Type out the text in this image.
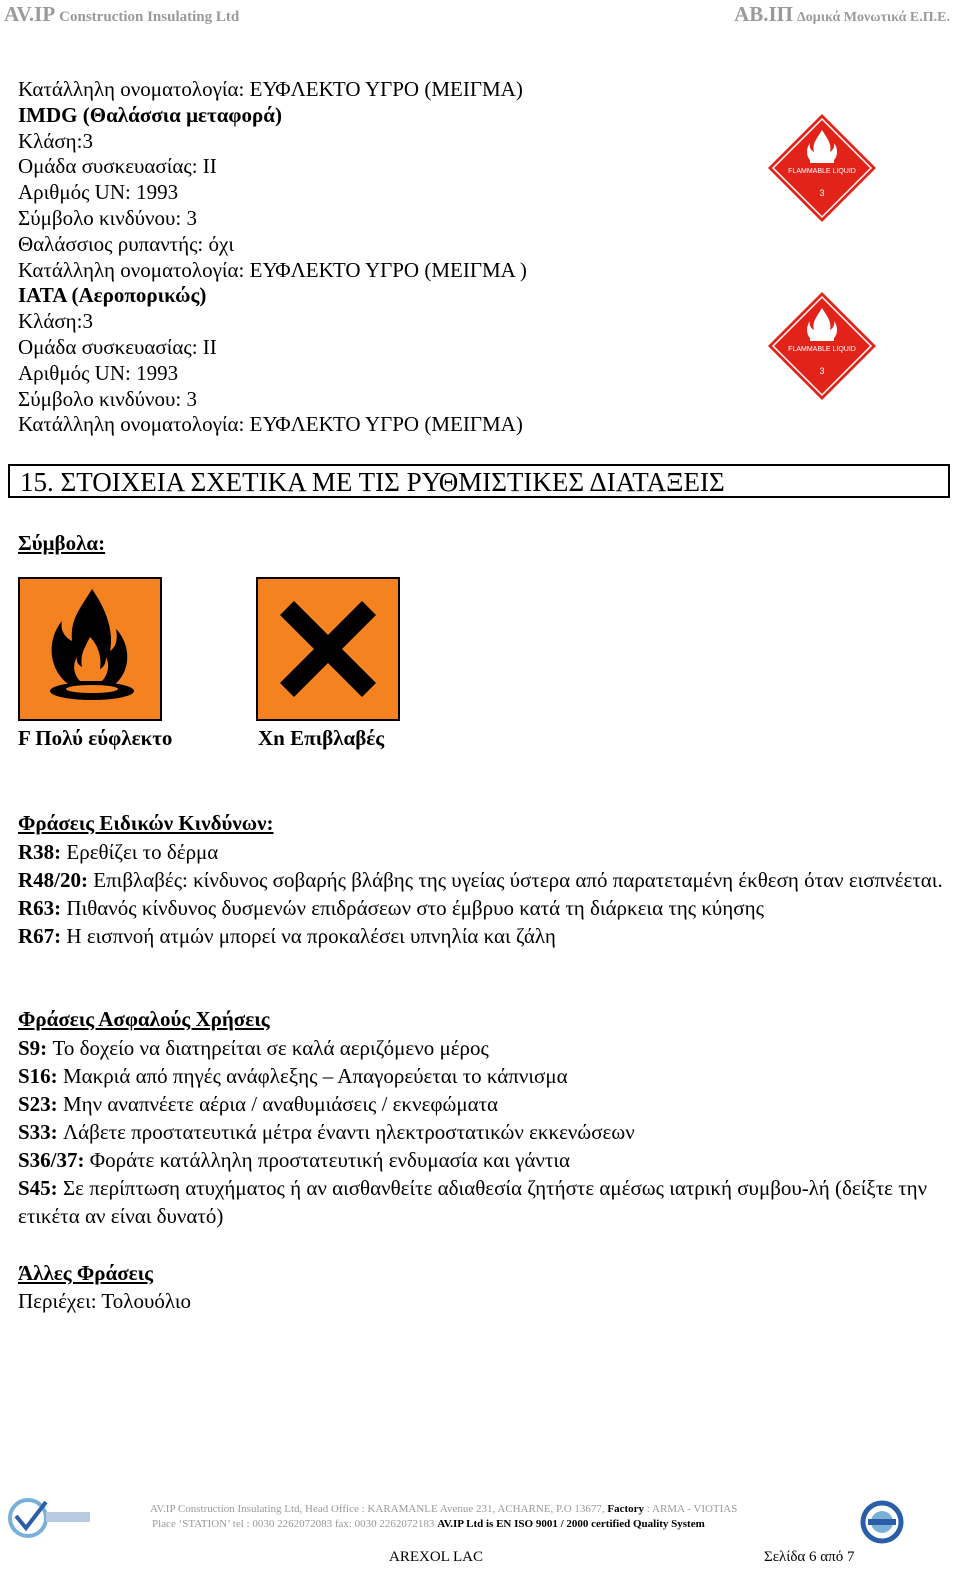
AV.IP Construction Insulating Ltd	ΑΒ.ΙΠ Δομικά Μονωτικά Ε.Π.Ε.
Κατάλληλη ονοματολογία: ΕΥΦΛΕΚΤΟ ΥΓΡΟ (ΜΕΙΓΜΑ)
IMDG (Θαλάσσια μεταφορά)
Κλάση:3
Ομάδα συσκευασίας: ΙΙ
Αριθμός UN: 1993
Σύμβολο κινδύνου: 3
Θαλάσσιος ρυπαντής: όχι
Κατάλληλη ονοματολογία: ΕΥΦΛΕΚΤΟ ΥΓΡΟ (ΜΕΙΓΜΑ )
IATA (Αεροπορικώς)
Κλάση:3
Ομάδα συσκευασίας: ΙΙ
Αριθμός UN: 1993
Σύμβολο κινδύνου: 3
Κατάλληλη ονοματολογία: ΕΥΦΛΕΚΤΟ ΥΓΡΟ (ΜΕΙΓΜΑ)
FLAMMABLE LIQUID
3
FLAMMABLE LIQUID
3
15. ΣΤΟΙΧΕΙΑ ΣΧΕΤΙΚΑ ΜΕ ΤΙΣ ΡΥΘΜΙΣΤΙΚΕΣ ΔΙΑΤΑΞΕΙΣ
Σύμβολα:
F Πολύ εύφλεκτο	Xn Επιβλαβές
Φράσεις Ειδικών Κινδύνων:
R38: Ερεθίζει το δέρμα
R48/20: Επιβλαβές: κίνδυνος σοβαρής βλάβης της υγείας ύστερα από παρατεταμένη έκθεση όταν εισπνέεται.
R63: Πιθανός κίνδυνος δυσμενών επιδράσεων στο έμβρυο κατά τη διάρκεια της κύησης
R67: Η εισπνοή ατμών μπορεί να προκαλέσει υπνηλία και ζάλη
Φράσεις Ασφαλούς Χρήσεις
S9: Το δοχείο να διατηρείται σε καλά αεριζόμενο μέρος
S16: Μακριά από πηγές ανάφλεξης – Απαγορεύεται το κάπνισμα
S23: Μην αναπνέετε αέρια / αναθυμιάσεις / εκνεφώματα
S33: Λάβετε προστατευτικά μέτρα έναντι ηλεκτροστατικών εκκενώσεων
S36/37: Φοράτε κατάλληλη προστατευτική ενδυμασία και γάντια
S45: Σε περίπτωση ατυχήματος ή αν αισθανθείτε αδιαθεσία ζητήστε αμέσως ιατρική συμβου-λή (δείξτε την ετικέτα αν είναι δυνατό)
Άλλες Φράσεις
Περιέχει: Τολουόλιο
AV.IP Construction Insulating Ltd, Head Office : KARAMANLE Avenue 231, ACHARNE, P.O 13677, Factory : ARMA - VIOTIAS
Place ‘STATION’ tel : 0030 2262072083 fax: 0030 2262072183 AV.IP Ltd is EN ISO 9001 / 2000 certified Quality System
AREXOL LAC	Σελίδα 6 από 7
